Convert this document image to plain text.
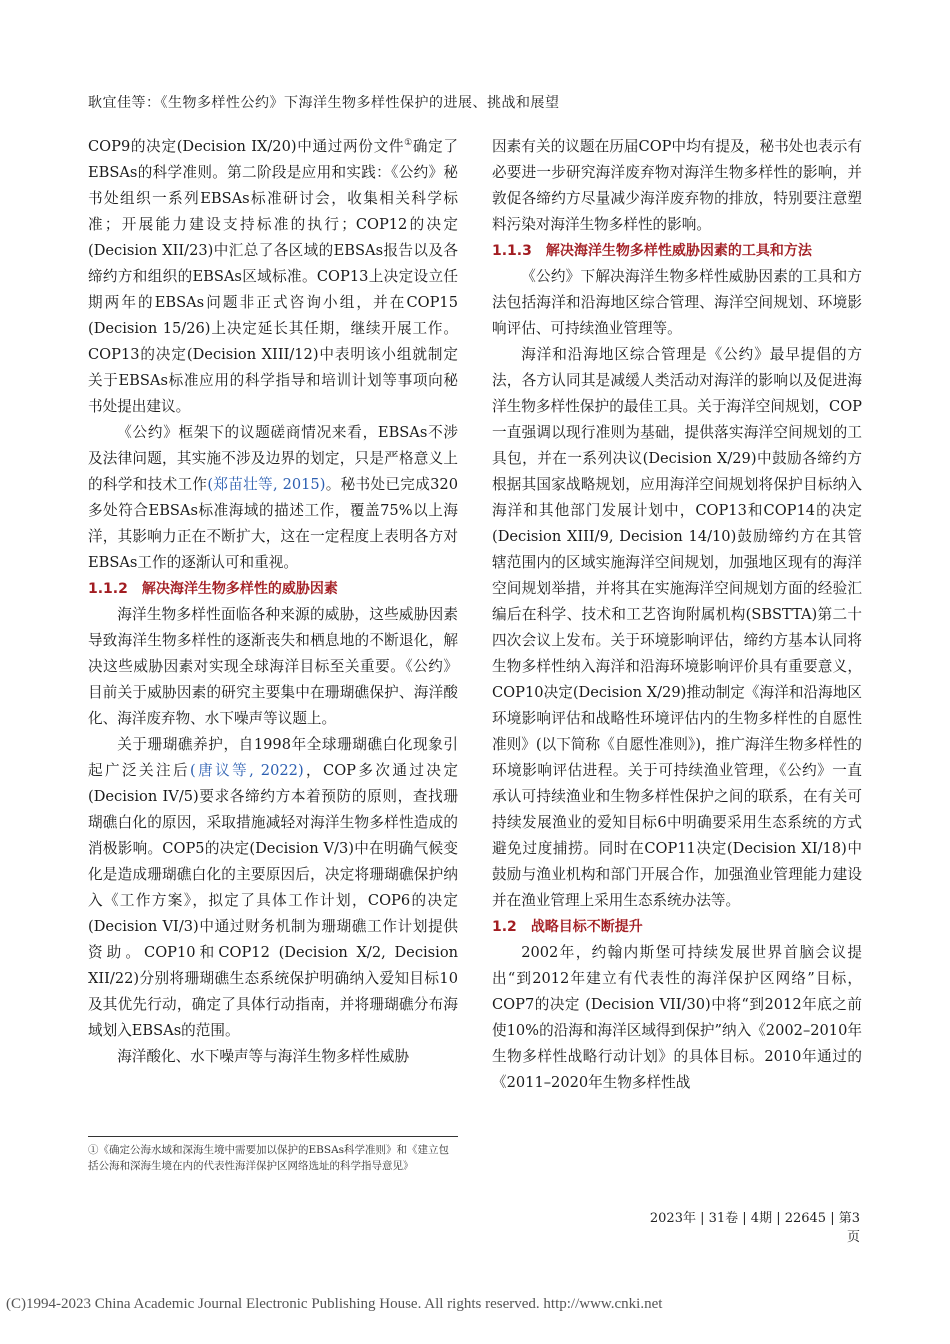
耿宜佳等：《生物多样性公约》下海洋生物多样性保护的进展、挑战和展望

COP9的决定(Decision IX/20)中通过两份文件①确定了EBSAs的科学准则。第二阶段是应用和实践：《公约》秘书处组织一系列EBSAs标准研讨会，收集相关科学标准；开展能力建设支持标准的执行；COP12的决定(Decision XII/23)中汇总了各区域的EBSAs报告以及各缔约方和组织的EBSAs区域标准。COP13上决定设立任期两年的EBSAs问题非正式咨询小组，并在COP15 (Decision 15/26)上决定延长其任期，继续开展工作。COP13的决定(Decision XIII/12)中表明该小组就制定关于EBSAs标准应用的科学指导和培训计划等事项向秘书处提出建议。

《公约》框架下的议题磋商情况来看，EBSAs不涉及法律问题，其实施不涉及边界的划定，只是严格意义上的科学和技术工作(郑苗壮等, 2015)。秘书处已完成320多处符合EBSAs标准海域的描述工作，覆盖75%以上海洋，其影响力正在不断扩大，这在一定程度上表明各方对EBSAs工作的逐渐认可和重视。

1.1.2 解决海洋生物多样性的威胁因素

海洋生物多样性面临各种来源的威胁，这些威胁因素导致海洋生物多样性的逐渐丧失和栖息地的不断退化，解决这些威胁因素对实现全球海洋目标至关重要。《公约》目前关于威胁因素的研究主要集中在珊瑚礁保护、海洋酸化、海洋废弃物、水下噪声等议题上。

关于珊瑚礁养护，自1998年全球珊瑚礁白化现象引起广泛关注后(唐议等, 2022)，COP多次通过决定(Decision IV/5)要求各缔约方本着预防的原则，查找珊瑚礁白化的原因，采取措施减轻对海洋生物多样性造成的消极影响。COP5的决定(Decision V/3)中在明确气候变化是造成珊瑚礁白化的主要原因后，决定将珊瑚礁保护纳入《工作方案》，拟定了具体工作计划，COP6的决定(Decision VI/3)中通过财务机制为珊瑚礁工作计划提供资助。COP10和COP12 (Decision X/2, Decision XII/22)分别将珊瑚礁生态系统保护明确纳入爱知目标10及其优先行动，确定了具体行动指南，并将珊瑚礁分布海域划入EBSAs的范围。

海洋酸化、水下噪声等与海洋生物多样性威胁

因素有关的议题在历届COP中均有提及，秘书处也表示有必要进一步研究海洋废弃物对海洋生物多样性的影响，并敦促各缔约方尽量减少海洋废弃物的排放，特别要注意塑料污染对海洋生物多样性的影响。

1.1.3 解决海洋生物多样性威胁因素的工具和方法

《公约》下解决海洋生物多样性威胁因素的工具和方法包括海洋和沿海地区综合管理、海洋空间规划、环境影响评估、可持续渔业管理等。

海洋和沿海地区综合管理是《公约》最早提倡的方法，各方认同其是减缓人类活动对海洋的影响以及促进海洋生物多样性保护的最佳工具。关于海洋空间规划，COP一直强调以现行准则为基础，提供落实海洋空间规划的工具包，并在一系列决议(Decision X/29)中鼓励各缔约方根据其国家战略规划，应用海洋空间规划将保护目标纳入海洋和其他部门发展计划中，COP13和COP14的决定(Decision XIII/9, Decision 14/10)鼓励缔约方在其管辖范围内的区域实施海洋空间规划，加强地区现有的海洋空间规划举措，并将其在实施海洋空间规划方面的经验汇编后在科学、技术和工艺咨询附属机构(SBSTTA)第二十四次会议上发布。关于环境影响评估，缔约方基本认同将生物多样性纳入海洋和沿海环境影响评价具有重要意义，COP10决定(Decision X/29)推动制定《海洋和沿海地区环境影响评估和战略性环境评估内的生物多样性的自愿性准则》(以下简称《自愿性准则》)，推广海洋生物多样性的环境影响评估进程。关于可持续渔业管理，《公约》一直承认可持续渔业和生物多样性保护之间的联系，在有关可持续发展渔业的爱知目标6中明确要采用生态系统的方式避免过度捕捞。同时在COP11决定(Decision XI/18)中鼓励与渔业机构和部门开展合作，加强渔业管理能力建设并在渔业管理上采用生态系统办法等。

1.2 战略目标不断提升

2002年，约翰内斯堡可持续发展世界首脑会议提出“到2012年建立有代表性的海洋保护区网络”目标，COP7的决定 (Decision VII/30)中将“到2012年底之前使10%的沿海和海洋区域得到保护”纳入《2002–2010年生物多样性战略行动计划》的具体目标。2010年通过的《2011–2020年生物多样性战

①《确定公海水域和深海生境中需要加以保护的EBSAs科学准则》和《建立包括公海和深海生境在内的代表性海洋保护区网络选址的科学指导意见》
2023年 | 31卷 | 4期 | 22645 | 第3页
(C)1994-2023 China Academic Journal Electronic Publishing House. All rights reserved. http://www.cnki.net
